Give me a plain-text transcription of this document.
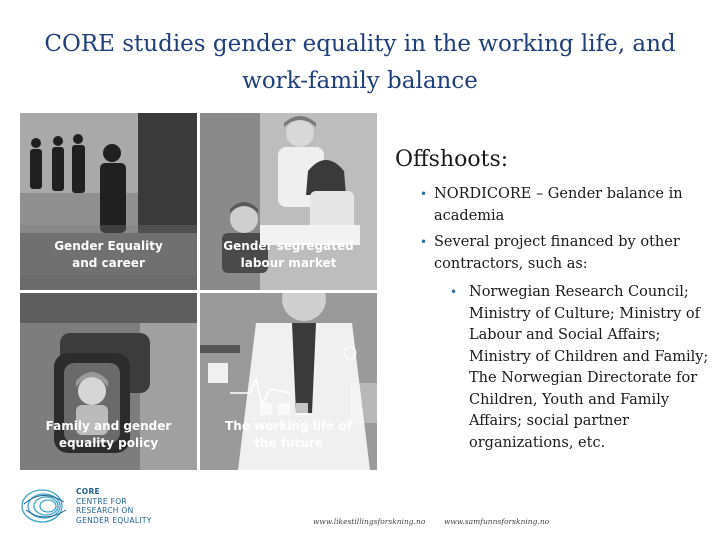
CORE studies gender equality in the working life, and
work-family balance
Gender Equality
and career
Gender segregated
labour market
Family and gender
equality policy
The working life of
the future
Offshoots:
• NORDICORE – Gender balance in academia
• Several project financed by other contractors, such as:
• Norwegian Research Council; Ministry of Culture; Ministry of Labour and Social Affairs; Ministry of Children and Family; The Norwegian Directorate for Children, Youth and Family Affairs; social partner organizations, etc.
CORE
CENTRE FOR
RESEARCH ON
GENDER EQUALITY	www.likestillingsforskning.no www.samfunnsforskning.no
